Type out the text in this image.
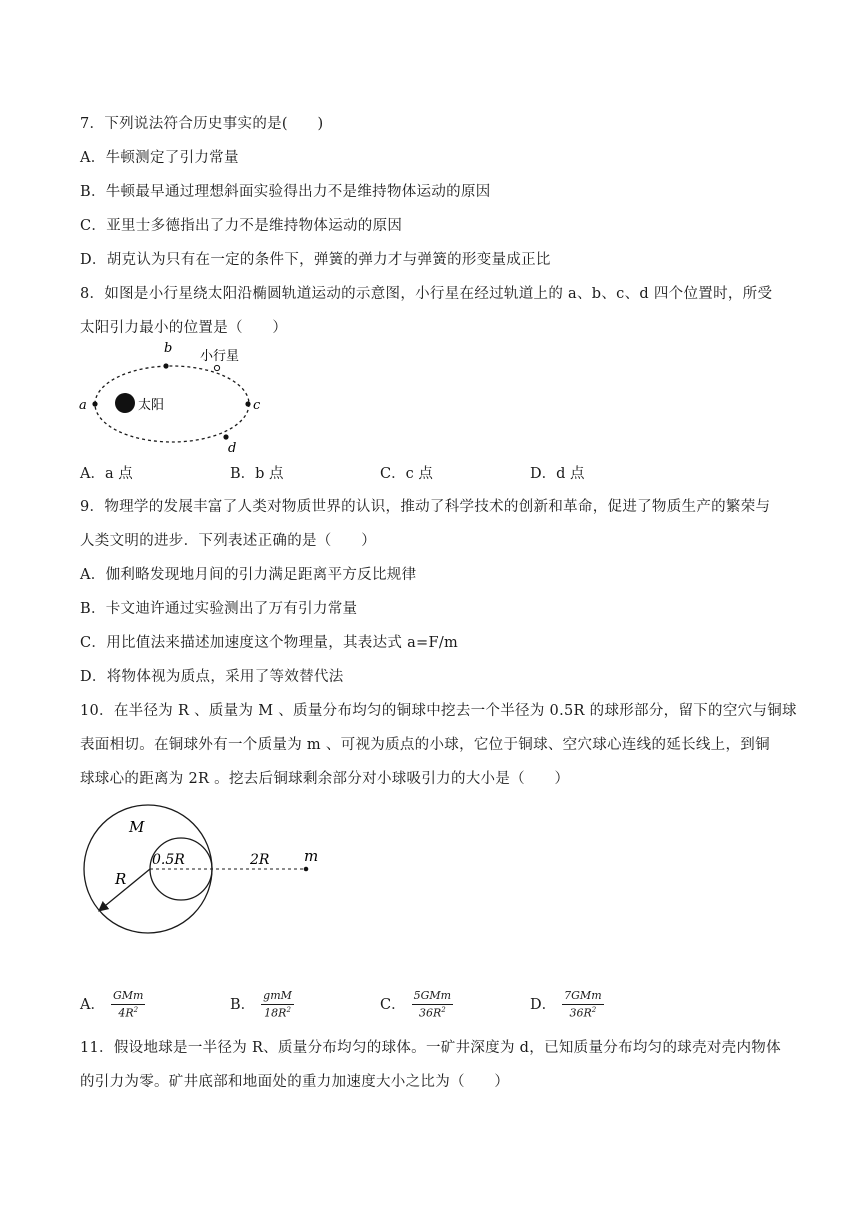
7．下列说法符合历史事实的是(　　)
A．牛顿测定了引力常量
B．牛顿最早通过理想斜面实验得出力不是维持物体运动的原因
C．亚里士多德指出了力不是维持物体运动的原因
D．胡克认为只有在一定的条件下，弹簧的弹力才与弹簧的形变量成正比
8．如图是小行星绕太阳沿椭圆轨道运动的示意图，小行星在经过轨道上的 a、b、c、d 四个位置时，所受
太阳引力最小的位置是（　　）
太阳
a
b
小行星
c
d
A．a 点	B．b 点	C．c 点	D．d 点
9．物理学的发展丰富了人类对物质世界的认识，推动了科学技术的创新和革命，促进了物质生产的繁荣与
人类文明的进步．下列表述正确的是（　　）
A．伽利略发现地月间的引力满足距离平方反比规律
B．卡文迪许通过实验测出了万有引力常量
C．用比值法来描述加速度这个物理量，其表达式 a=F/m
D．将物体视为质点，采用了等效替代法
10．在半径为 R 、质量为 M 、质量分布均匀的铜球中挖去一个半径为 0.5R 的球形部分，留下的空穴与铜球
表面相切。在铜球外有一个质量为 m 、可视为质点的小球，它位于铜球、空穴球心连线的延长线上，到铜
球球心的距离为 2R 。挖去后铜球剩余部分对小球吸引力的大小是（　　）
M
R
0.5R	2R m
A． $\frac{\text{GMm}}{4R^2}$	B． $\frac{\text{gmM}}{18R^2}$	C． $\frac{\text{5GMm}}{36R^2}$	D． $\frac{\text{7GMm}}{36R^2}$
11．假设地球是一半径为 R、质量分布均匀的球体。一矿井深度为 d，已知质量分布均匀的球壳对壳内物体
的引力为零。矿井底部和地面处的重力加速度大小之比为（　　）
